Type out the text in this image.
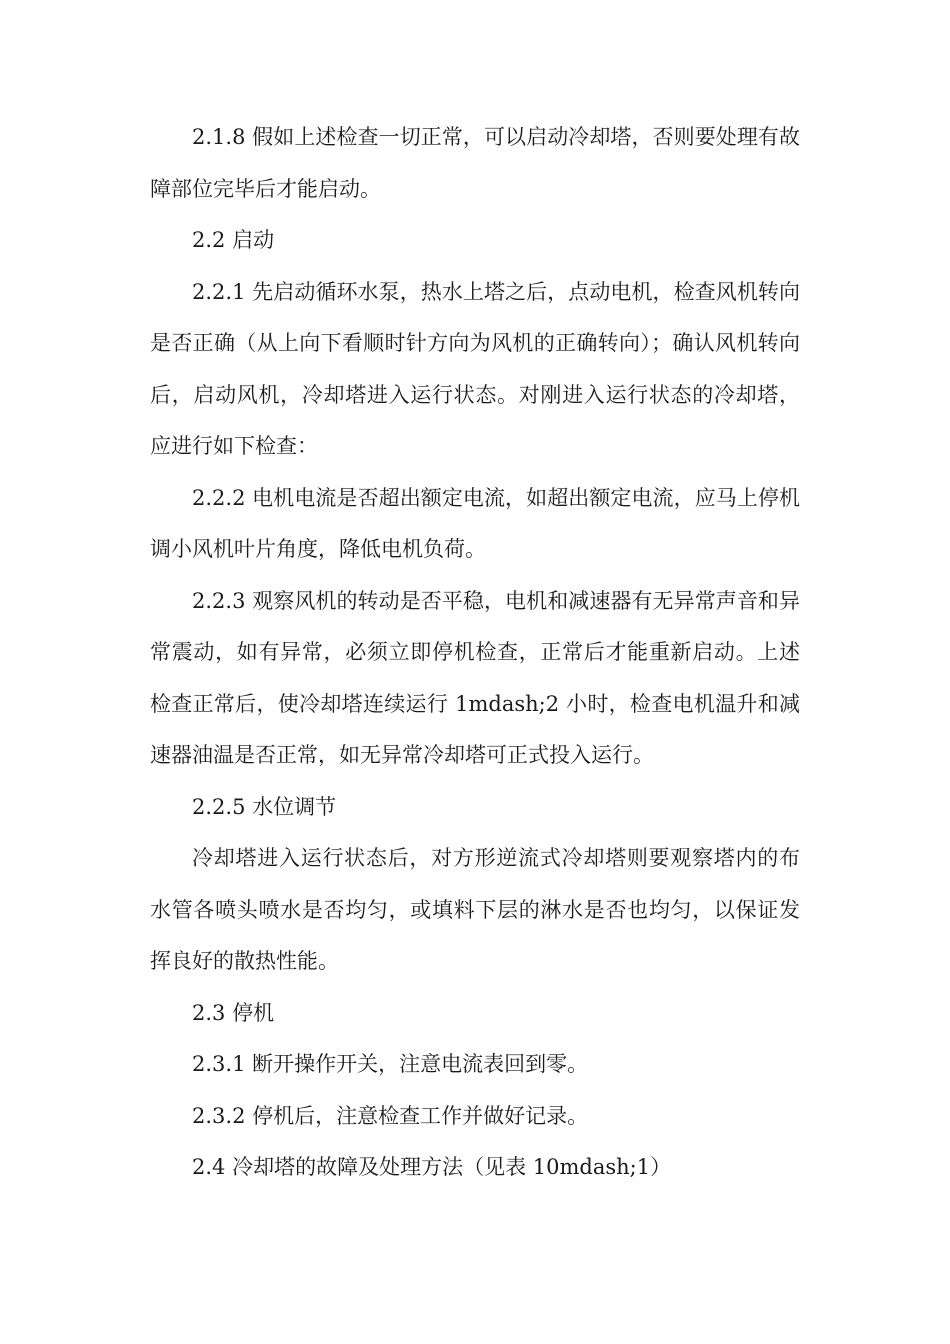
2.1.8 假如上述检查一切正常，可以启动冷却塔，否则要处理有故障部位完毕后才能启动。

2.2 启动

2.2.1 先启动循环水泵，热水上塔之后，点动电机，检查风机转向是否正确（从上向下看顺时针方向为风机的正确转向）；确认风机转向后，启动风机，冷却塔进入运行状态。对刚进入运行状态的冷却塔，应进行如下检查：

2.2.2 电机电流是否超出额定电流，如超出额定电流，应马上停机调小风机叶片角度，降低电机负荷。

2.2.3 观察风机的转动是否平稳，电机和减速器有无异常声音和异常震动，如有异常，必须立即停机检查，正常后才能重新启动。上述检查正常后，使冷却塔连续运行 1mdash;2 小时，检查电机温升和减速器油温是否正常，如无异常冷却塔可正式投入运行。

2.2.5 水位调节

冷却塔进入运行状态后，对方形逆流式冷却塔则要观察塔内的布水管各喷头喷水是否均匀，或填料下层的淋水是否也均匀，以保证发挥良好的散热性能。

2.3 停机

2.3.1 断开操作开关，注意电流表回到零。

2.3.2 停机后，注意检查工作并做好记录。

2.4 冷却塔的故障及处理方法（见表 10mdash;1）
